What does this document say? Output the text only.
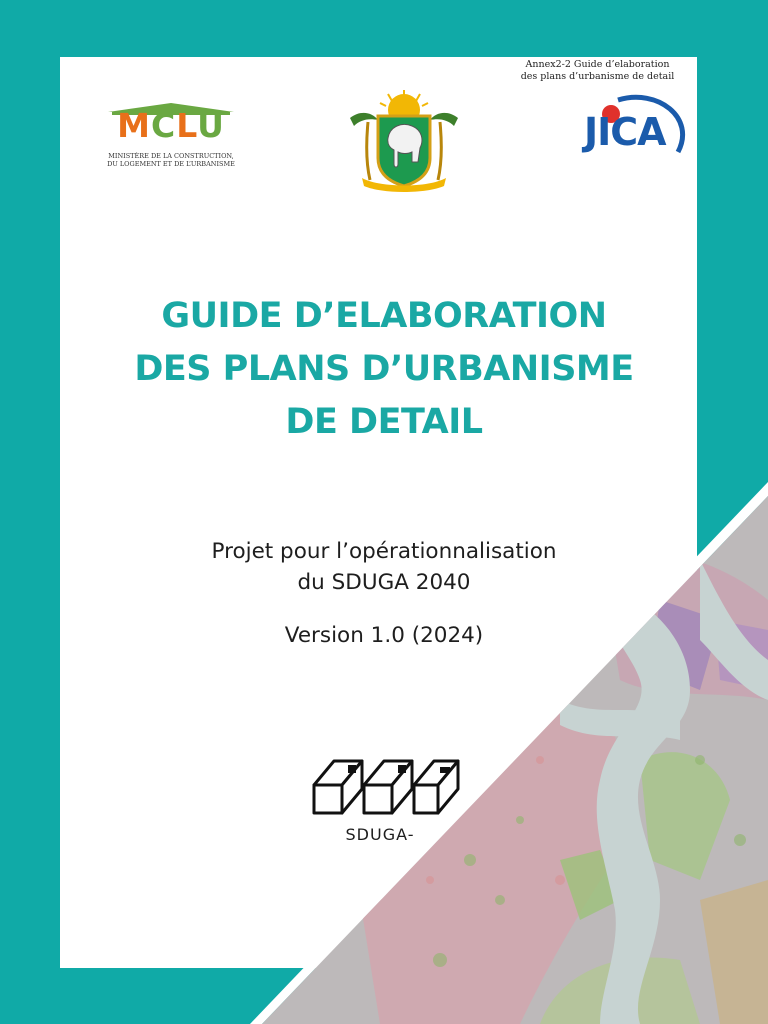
Annex2-2 Guide d’elaboration
des plans d’urbanisme de detail
MCLU
MINISTÈRE DE LA CONSTRUCTION,
DU LOGEMENT ET DE L’URBANISME
JICA
GUIDE D’ELABORATION
DES PLANS D’URBANISME
DE DETAIL
Projet pour l’opérationnalisation
du SDUGA 2040
Version 1.0 (2024)
SDUGA-
